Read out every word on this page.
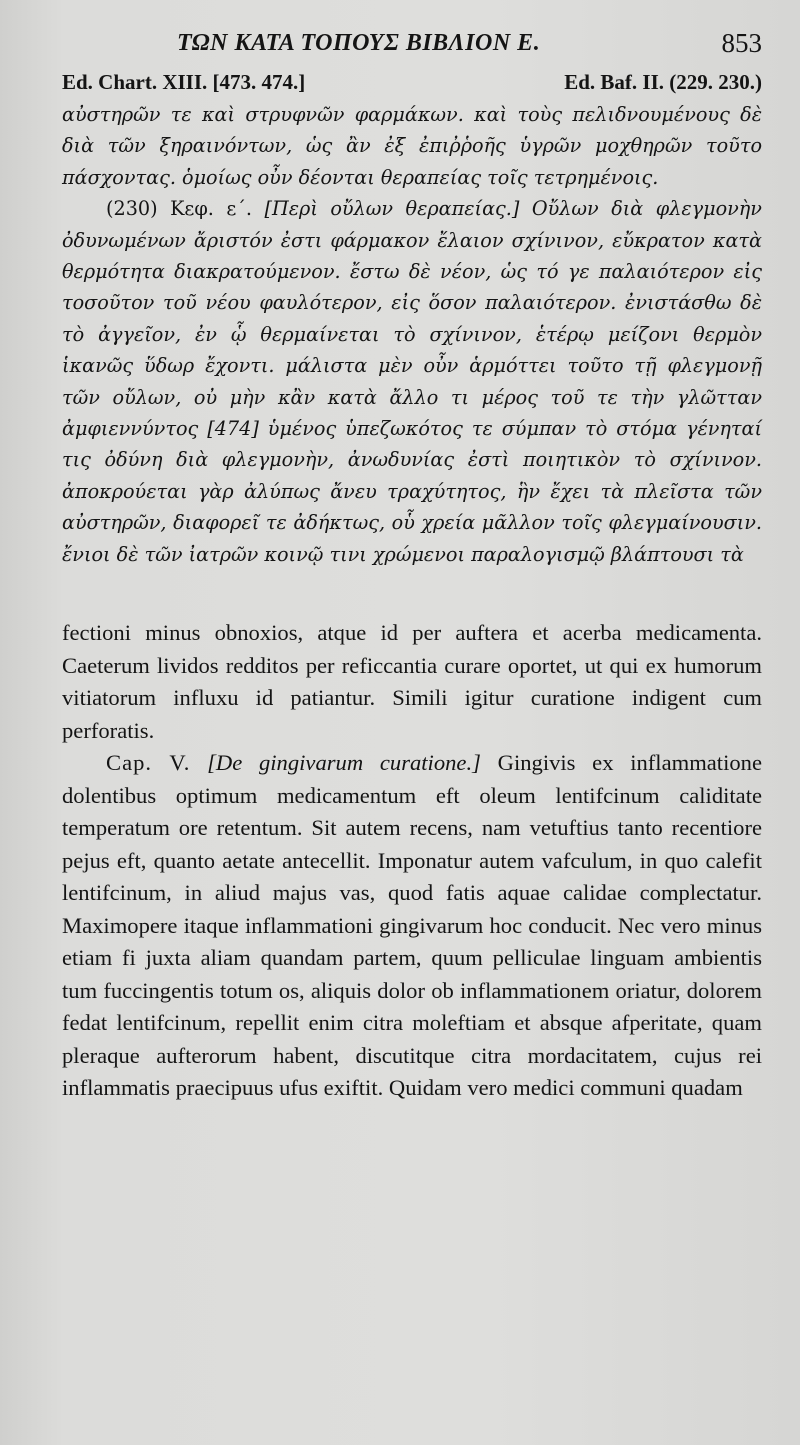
ΤΩΝ ΚΑΤΑ ΤΟΠΟΥΣ ΒΙΒΛΙΟΝ Ε.	853
Ed. Chart. XIII. [473. 474.]	Ed. Baf. II. (229. 230.)

αὐστηρῶν τε καὶ στρυφνῶν φαρμάκων. καὶ τοὺς πελιδνουμένους δὲ διὰ τῶν ξηραινόντων, ὡς ἂν ἐξ ἐπιῤῥοῆς ὑγρῶν μοχθηρῶν τοῦτο πάσχοντας. ὁμοίως οὖν δέονται θεραπείας τοῖς τετρημένοις.

(230) Κεφ. ε΄. [Περὶ οὔλων θεραπείας.] Οὔλων διὰ φλεγμονὴν ὀδυνωμένων ἄριστόν ἐστι φάρμακον ἔλαιον σχίνινον, εὔκρατον κατὰ θερμότητα διακρατούμενον. ἔστω δὲ νέον, ὡς τό γε παλαιότερον εἰς τοσοῦτον τοῦ νέου φαυλότερον, εἰς ὅσον παλαιότερον. ἐνιστάσθω δὲ τὸ ἀγγεῖον, ἐν ᾧ θερμαίνεται τὸ σχίνινον, ἑτέρῳ μείζονι θερμὸν ἱκανῶς ὕδωρ ἔχοντι. μάλιστα μὲν οὖν ἁρμόττει τοῦτο τῇ φλεγμονῇ τῶν οὔλων, οὐ μὴν κἂν κατὰ ἄλλο τι μέρος τοῦ τε τὴν γλῶτταν ἀμφιεννύντος [474] ὑμένος ὑπεζωκότος τε σύμπαν τὸ στόμα γένηταί τις ὀδύνη διὰ φλεγμονὴν, ἀνωδυνίας ἐστὶ ποιητικὸν τὸ σχίνινον. ἀποκρούεται γὰρ ἀλύπως ἄνευ τραχύτητος, ἣν ἔχει τὰ πλεῖστα τῶν αὐστηρῶν, διαφορεῖ τε ἀδήκτως, οὗ χρεία μᾶλλον τοῖς φλεγμαίνουσιν. ἔνιοι δὲ τῶν ἰατρῶν κοινῷ τινι χρώμενοι παραλογισμῷ βλάπτουσι τὰ

fectioni minus obnoxios, atque id per auftera et acerba medicamenta. Caeterum lividos redditos per reficcantia curare oportet, ut qui ex humorum vitiatorum influxu id patiantur. Simili igitur curatione indigent cum perforatis.

Cap. V. [De gingivarum curatione.] Gingivis ex inflammatione dolentibus optimum medicamentum eft oleum lentifcinum caliditate temperatum ore retentum. Sit autem recens, nam vetuftius tanto recentiore pejus eft, quanto aetate antecellit. Imponatur autem vafculum, in quo calefit lentifcinum, in aliud majus vas, quod fatis aquae calidae complectatur. Maximopere itaque inflammationi gingivarum hoc conducit. Nec vero minus etiam fi juxta aliam quandam partem, quum pelliculae linguam ambientis tum fuccingentis totum os, aliquis dolor ob inflammationem oriatur, dolorem fedat lentifcinum, repellit enim citra moleftiam et absque afperitate, quam pleraque aufterorum habent, discutitque citra mordacitatem, cujus rei inflammatis praecipuus ufus exiftit. Quidam vero medici communi quadam
